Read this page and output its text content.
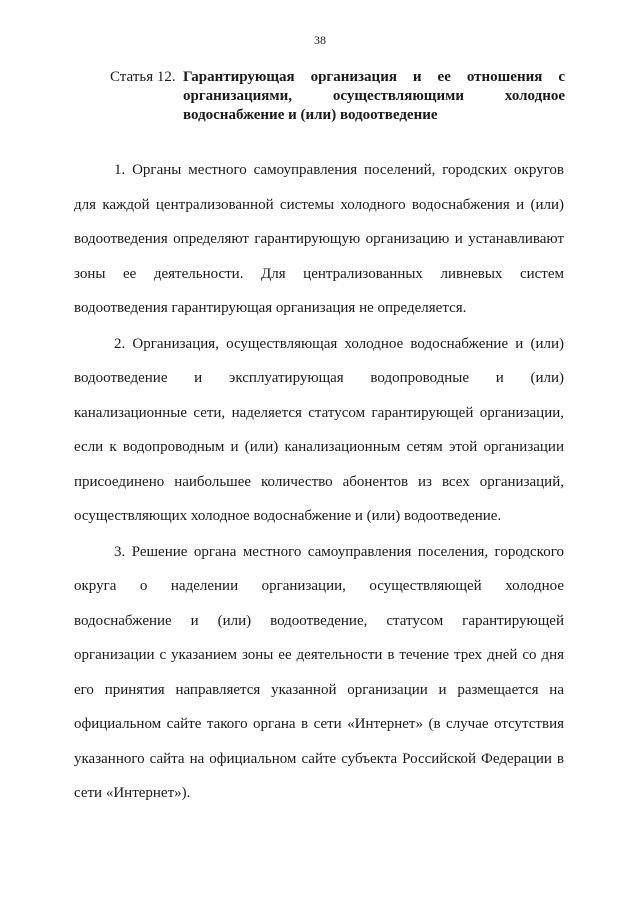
38
Статья 12. Гарантирующая организация и ее отношения с организациями, осуществляющими холодное водоснабжение и (или) водоотведение

1. Органы местного самоуправления поселений, городских округов для каждой централизованной системы холодного водоснабжения и (или) водоотведения определяют гарантирующую организацию и устанавливают зоны ее деятельности. Для централизованных ливневых систем водоотведения гарантирующая организация не определяется.

2. Организация, осуществляющая холодное водоснабжение и (или) водоотведение и эксплуатирующая водопроводные и (или) канализационные сети, наделяется статусом гарантирующей организации, если к водопроводным и (или) канализационным сетям этой организации присоединено наибольшее количество абонентов из всех организаций, осуществляющих холодное водоснабжение и (или) водоотведение.

3. Решение органа местного самоуправления поселения, городского округа о наделении организации, осуществляющей холодное водоснабжение и (или) водоотведение, статусом гарантирующей организации с указанием зоны ее деятельности в течение трех дней со дня его принятия направляется указанной организации и размещается на официальном сайте такого органа в сети «Интернет» (в случае отсутствия указанного сайта на официальном сайте субъекта Российской Федерации в сети «Интернет»).
